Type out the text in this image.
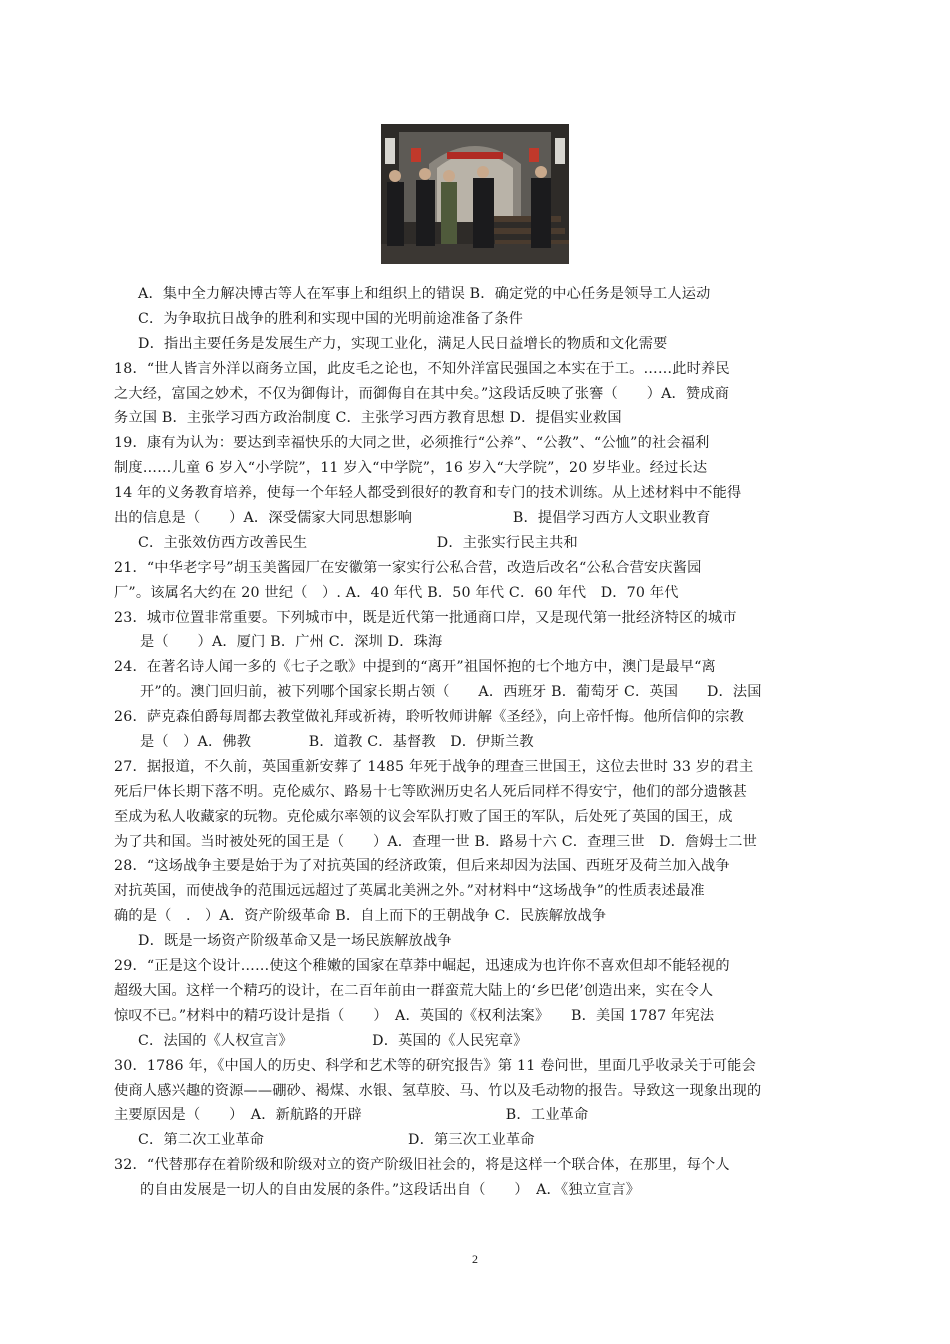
A．集中全力解决博古等人在军事上和组织上的错误 B．确定党的中心任务是领导工人运动
C．为争取抗日战争的胜利和实现中国的光明前途准备了条件
D．指出主要任务是发展生产力，实现工业化，满足人民日益增长的物质和文化需要
18．“世人皆言外洋以商务立国，此皮毛之论也，不知外洋富民强国之本实在于工。……此时养民
之大经，富国之妙术，不仅为御侮计，而御侮自在其中矣。”这段话反映了张謇（　　）A．赞成商
务立国 B．主张学习西方政治制度 C．主张学习西方教育思想 D．提倡实业救国
19．康有为认为：要达到幸福快乐的大同之世，必须推行“公养”、“公教”、“公恤”的社会福利
制度……儿童 6 岁入“小学院”，11 岁入“中学院”，16 岁入“大学院”，20 岁毕业。经过长达
14 年的义务教育培养，使每一个年轻人都受到很好的教育和专门的技术训练。从上述材料中不能得
出的信息是（　　）A．深受儒家大同思想影响　　　　　　　B．提倡学习西方人文职业教育
C．主张效仿西方改善民生　　　　　　　　　D．主张实行民主共和
21．“中华老字号”胡玉美酱园厂在安徽第一家实行公私合营，改造后改名“公私合营安庆酱园
厂”。该属名大约在 20 世纪（　）. A．40 年代 B．50 年代 C．60 年代　D．70 年代
23．城市位置非常重要。下列城市中，既是近代第一批通商口岸，又是现代第一批经济特区的城市
是（　　）A．厦门 B．广州 C．深圳 D．珠海
24．在著名诗人闻一多的《七子之歌》中提到的“离开”祖国怀抱的七个地方中，澳门是最早“离
开”的。澳门回归前，被下列哪个国家长期占领（　　A．西班牙 B．葡萄牙 C．英国　　D．法国
26．萨克森伯爵每周都去教堂做礼拜或祈祷，聆听牧师讲解《圣经》，向上帝忏悔。他所信仰的宗教
是（　）A．佛教　　　　B．道教 C．基督教　D．伊斯兰教
27．据报道，不久前，英国重新安葬了 1485 年死于战争的理查三世国王，这位去世时 33 岁的君主
死后尸体长期下落不明。克伦威尔、路易十七等欧洲历史名人死后同样不得安宁，他们的部分遗骸甚
至成为私人收藏家的玩物。克伦威尔率领的议会军队打败了国王的军队，后处死了英国的国王，成
为了共和国。当时被处死的国王是（　　）A．查理一世 B．路易十六 C．查理三世　D．詹姆士二世
28．“这场战争主要是始于为了对抗英国的经济政策，但后来却因为法国、西班牙及荷兰加入战争
对抗英国，而使战争的范围远远超过了英属北美洲之外。”对材料中“这场战争”的性质表述最准
确的是（　.　）A．资产阶级革命 B．自上而下的王朝战争 C．民族解放战争
D．既是一场资产阶级革命又是一场民族解放战争
29．“正是这个设计……使这个稚嫩的国家在草莽中崛起，迅速成为也许你不喜欢但却不能轻视的
超级大国。这样一个精巧的设计，在二百年前由一群蛮荒大陆上的‘乡巴佬’创造出来，实在令人
惊叹不已。”材料中的精巧设计是指（　　）　A．英国的《权利法案》　　B．美国 1787 年宪法
C．法国的《人权宣言》　　　　　　D．英国的《人民宪章》
30．1786 年，《中国人的历史、科学和艺术等的研究报告》第 11 卷问世，里面几乎收录关于可能会
使商人感兴趣的资源——硼砂、褐煤、水银、氢草胶、马、竹以及毛动物的报告。导致这一现象出现的
主要原因是（　　）　A．新航路的开辟　　　　　　　　　　B．工业革命
C．第二次工业革命　　　　　　　　　　D．第三次工业革命
32．“代替那存在着阶级和阶级对立的资产阶级旧社会的，将是这样一个联合体，在那里，每个人
的自由发展是一切人的自由发展的条件。”这段话出自（　　）　A．《独立宣言》
2
